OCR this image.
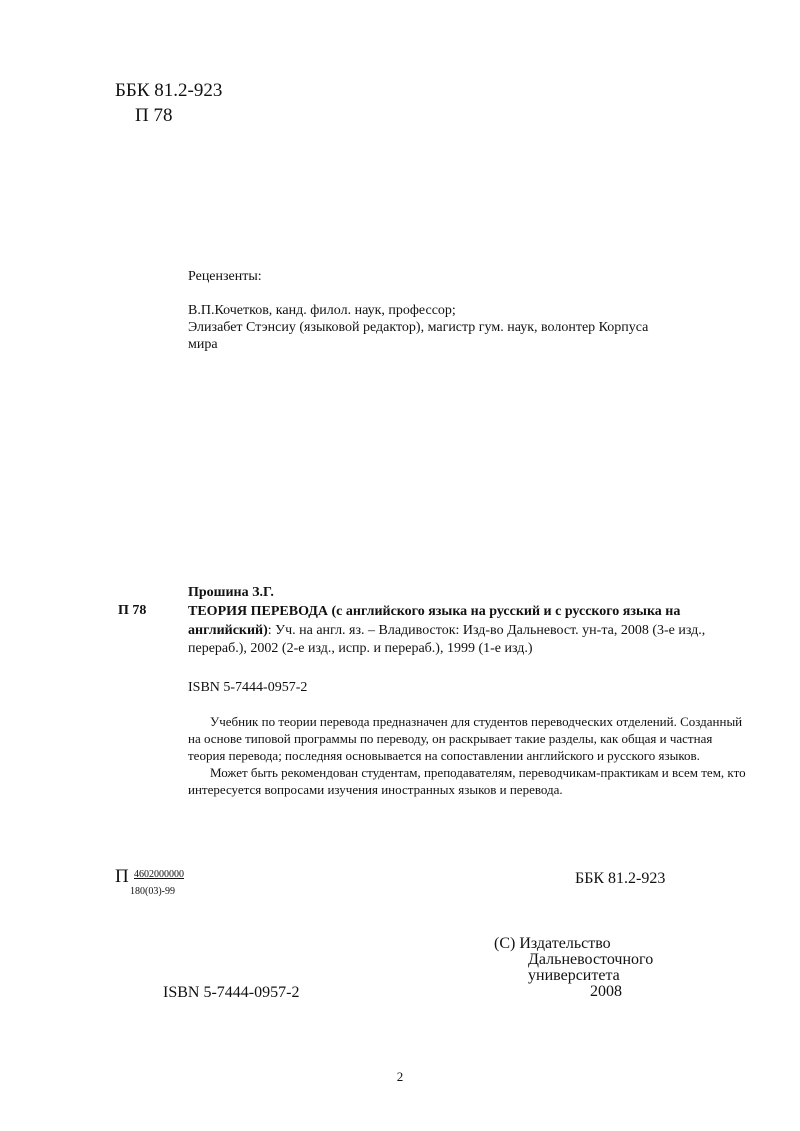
ББК 81.2-923
П 78
Рецензенты:
В.П.Кочетков, канд. филол. наук, профессор;
Элизабет Стэнсиу (языковой редактор), магистр гум. наук, волонтер Корпуса
мира
Прошина З.Г.
П 78	ТЕОРИЯ ПЕРЕВОДА (с английского языка на русский и с русского языка на английский): Уч. на англ. яз. – Владивосток: Изд-во Дальневост. ун-та, 2008 (3-е изд., перераб.), 2002 (2-е изд., испр. и перераб.), 1999 (1-е изд.)
ISBN 5-7444-0957-2

Учебник по теории перевода предназначен для студентов переводческих отделений. Созданный на основе типовой программы по переводу, он раскрывает такие разделы, как общая и частная теория перевода; последняя основывается на сопоставлении английского и русского языков.

Может быть рекомендован студентам, преподавателям, переводчикам-практикам и всем тем, кто интересуется вопросами изучения иностранных языков и перевода.

П 4602000000
180(03)-99
ББК 81.2-923
(C) Издательство
Дальневосточного
университета
2008
ISBN 5-7444-0957-2
2
